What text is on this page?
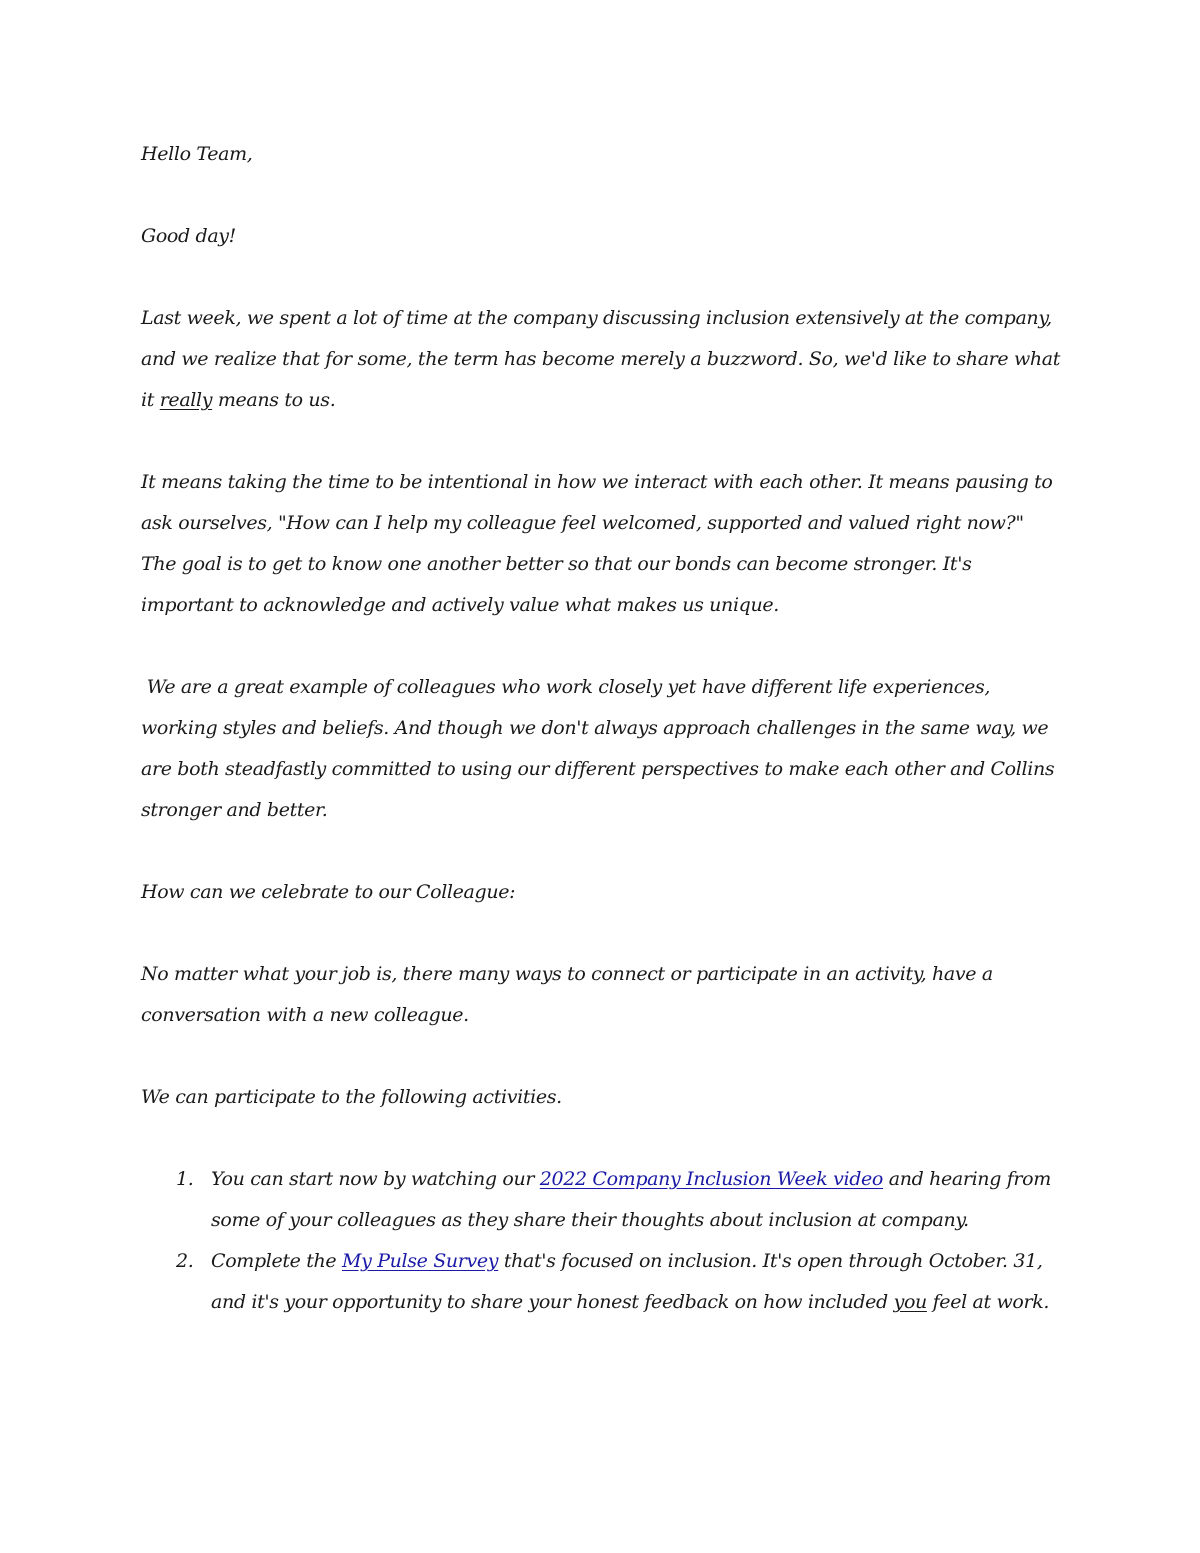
Hello Team,

Good day!

Last week, we spent a lot of time at the company discussing inclusion extensively at the company, and we realize that for some, the term has become merely a buzzword. So, we'd like to share what it really means to us.

It means taking the time to be intentional in how we interact with each other. It means pausing to ask ourselves, "How can I help my colleague feel welcomed, supported and valued right now?" The goal is to get to know one another better so that our bonds can become stronger. It's important to acknowledge and actively value what makes us unique.

We are a great example of colleagues who work closely yet have different life experiences, working styles and beliefs. And though we don't always approach challenges in the same way, we are both steadfastly committed to using our different perspectives to make each other and Collins stronger and better.

How can we celebrate to our Colleague:

No matter what your job is, there many ways to connect or participate in an activity, have a conversation with a new colleague.

We can participate to the following activities.

1. You can start now by watching our 2022 Company Inclusion Week video and hearing from some of your colleagues as they share their thoughts about inclusion at company.
2. Complete the My Pulse Survey that's focused on inclusion. It's open through October. 31, and it's your opportunity to share your honest feedback on how included you feel at work.
